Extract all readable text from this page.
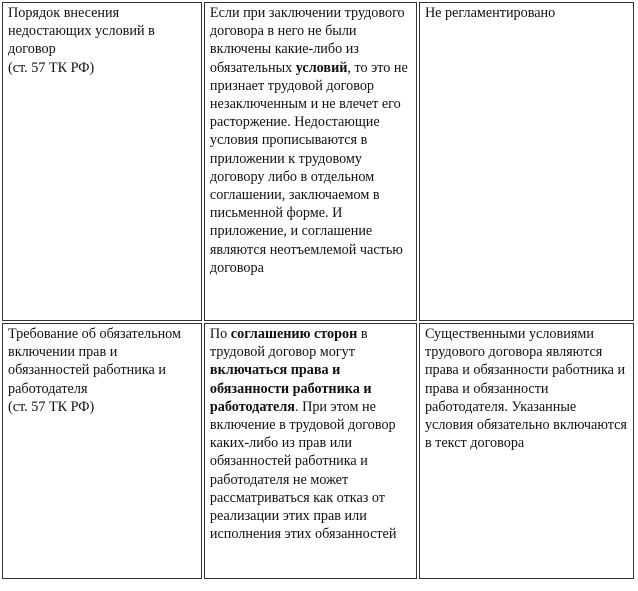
Порядок внесения недостающих условий в договор
(ст. 57 ТК РФ)	Если при заключении трудового договора в него не были включены какие-либо из обязательных условий, то это не признает трудовой договор незаключенным и не влечет его расторжение. Недостающие условия прописываются в приложении к трудовому договору либо в отдельном соглашении, заключаемом в письменной форме. И приложение, и соглашение являются неотъемлемой частью договора	Не регламентировано
Требование об обязательном включении прав и обязанностей работника и работодателя
(ст. 57 ТК РФ)	По соглашению сторон в трудовой договор могут включаться права и обязанности работника и работодателя. При этом не включение в трудовой договор каких-либо из прав или обязанностей работника и работодателя не может рассматриваться как отказ от реализации этих прав или исполнения этих обязанностей	Существенными условиями трудового договора являются права и обязанности работника и права и обязанности работодателя. Указанные условия обязательно включаются в текст договора
